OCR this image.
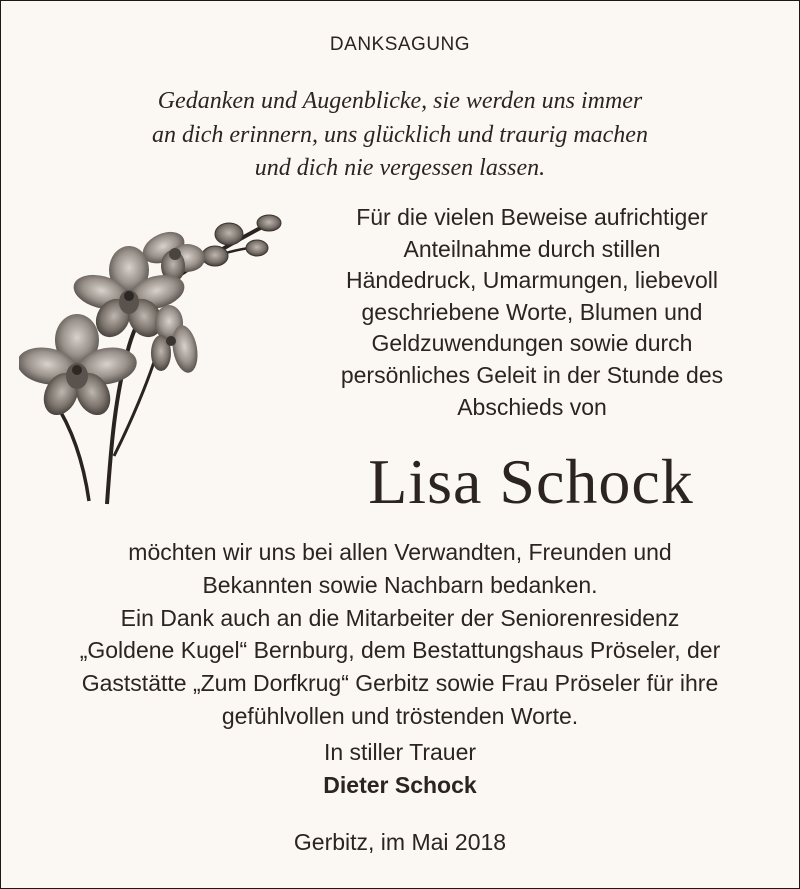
DANKSAGUNG
Gedanken und Augenblicke, sie werden uns immer
an dich erinnern, uns glücklich und traurig machen
und dich nie vergessen lassen.
Für die vielen Beweise aufrichtiger
Anteilnahme durch stillen
Händedruck, Umarmungen, liebevoll
geschriebene Worte, Blumen und
Geldzuwendungen sowie durch
persönliches Geleit in der Stunde des
Abschieds von
Lisa Schock
möchten wir uns bei allen Verwandten, Freunden und
Bekannten sowie Nachbarn bedanken.
Ein Dank auch an die Mitarbeiter der Seniorenresidenz
„Goldene Kugel“ Bernburg, dem Bestattungshaus Pröseler, der
Gaststätte „Zum Dorfkrug“ Gerbitz sowie Frau Pröseler für ihre
gefühlvollen und tröstenden Worte.
In stiller Trauer
Dieter Schock
Gerbitz, im Mai 2018
